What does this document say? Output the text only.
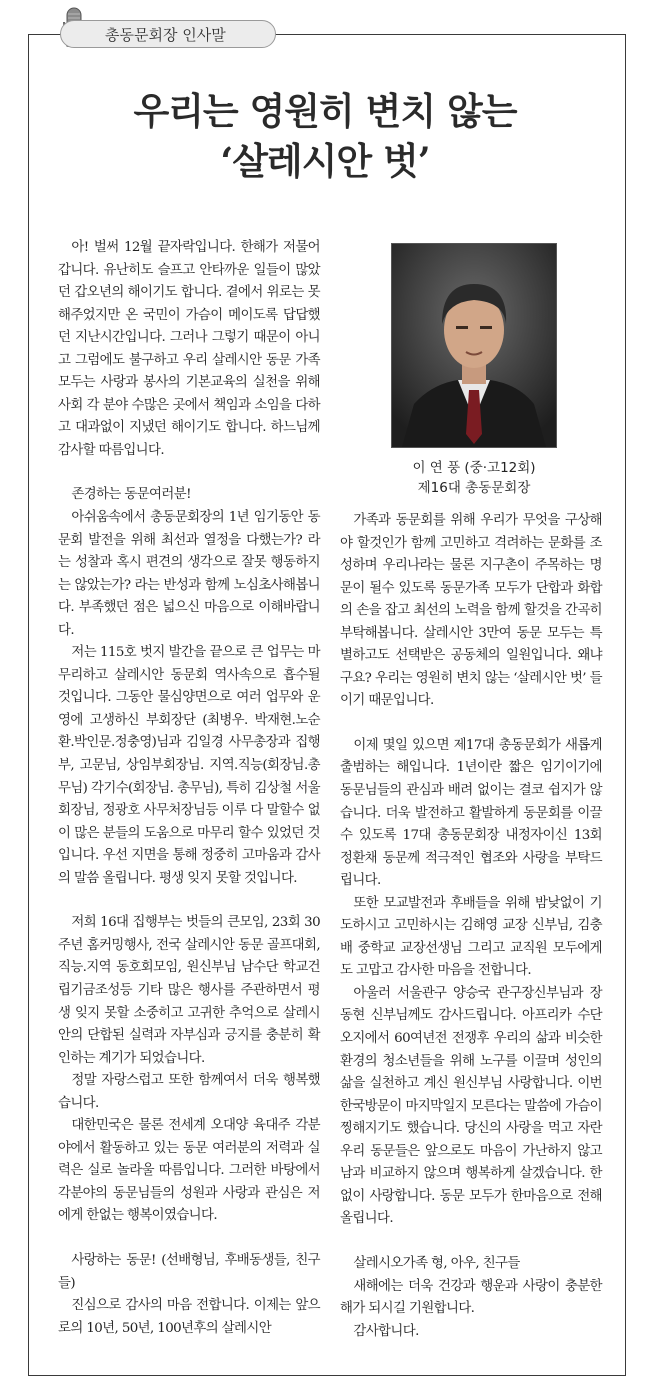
총동문회장 인사말
우리는 영원히 변치 않는
‘살레시안 벗’

아! 벌써 12월 끝자락입니다. 한해가 저물어 갑니다. 유난히도 슬프고 안타까운 일들이 많았던 갑오년의 해이기도 합니다. 곁에서 위로는 못해주었지만 온 국민이 가슴이 메이도록 답답했던 지난시간입니다. 그러나 그렇기 때문이 아니고 그럼에도 불구하고 우리 살레시안 동문 가족 모두는 사랑과 봉사의 기본교육의 실천을 위해 사회 각 분야 수많은 곳에서 책임과 소임을 다하고 대과없이 지냈던 해이기도 합니다. 하느님께 감사할 따름입니다.

존경하는 동문여러분!

아쉬움속에서 총동문회장의 1년 임기동안 동문회 발전을 위해 최선과 열정을 다했는가? 라는 성찰과 혹시 편견의 생각으로 잘못 행동하지는 않았는가? 라는 반성과 함께 노심초사해봅니다. 부족했던 점은 넓으신 마음으로 이해바랍니다.

저는 115호 벗지 발간을 끝으로 큰 업무는 마무리하고 살레시안 동문회 역사속으로 흡수될 것입니다. 그동안 물심양면으로 여러 업무와 운영에 고생하신 부회장단 (최병우. 박재현.노순환.박인문.정충영)님과 김일경 사무총장과 집행부, 고문님, 상임부회장님. 지역.직능(회장님.총무님) 각기수(회장님. 총무님), 특히 김상철 서울회장님, 정광호 사무처장님등 이루 다 말할수 없이 많은 분들의 도움으로 마무리 할수 있었던 것입니다. 우선 지면을 통해 정중히 고마움과 감사의 말씀 올립니다. 평생 잊지 못할 것입니다.

저희 16대 집행부는 벗들의 큰모임, 23회 30주년 홈커밍행사, 전국 살레시안 동문 골프대회, 직능.지역 동호회모임, 원신부님 남수단 학교건립기금조성등 기타 많은 행사를 주관하면서 평생 잊지 못할 소중히고 고귀한 추억으로 살레시안의 단합된 실력과 자부심과 긍지를 충분히 확인하는 계기가 되었습니다.

정말 자랑스럽고 또한 함께여서 더욱 행복했습니다.

대한민국은 물론 전세계 오대양 육대주 각분야에서 활동하고 있는 동문 여러분의 저력과 실력은 실로 놀라울 따름입니다. 그러한 바탕에서 각분야의 동문님들의 성원과 사랑과 관심은 저에게 한없는 행복이였습니다.

사랑하는 동문! (선배형님, 후배동생들, 친구들)

진심으로 감사의 마음 전합니다. 이제는 앞으로의 10년, 50년, 100년후의 살레시안

이 연 풍 (중·고12회)
제16대 총동문회장

가족과 동문회를 위해 우리가 무엇을 구상해야 할것인가 함께 고민하고 격려하는 문화를 조성하며 우리나라는 물론 지구촌이 주목하는 명문이 될수 있도록 동문가족 모두가 단합과 화합의 손을 잡고 최선의 노력을 함께 할것을 간곡히 부탁해봅니다. 살레시안 3만여 동문 모두는 특별하고도 선택받은 공동체의 일원입니다. 왜냐구요? 우리는 영원히 변치 않는 ‘살레시안 벗’ 들이기 때문입니다.

이제 몇일 있으면 제17대 총동문회가 새롭게 출범하는 해입니다. 1년이란 짧은 임기이기에 동문님들의 관심과 배려 없이는 결코 쉽지가 않습니다. 더욱 발전하고 활발하게 동문회를 이끌수 있도록 17대 총동문회장 내정자이신 13회 정환채 동문께 적극적인 협조와 사랑을 부탁드립니다.

또한 모교발전과 후배들을 위해 밤낮없이 기도하시고 고민하시는 김해영 교장 신부님, 김충배 중학교 교장선생님 그리고 교직원 모두에게도 고맙고 감사한 마음을 전합니다.

아울러 서울관구 양승국 관구장신부님과 장동현 신부님께도 감사드립니다. 아프리카 수단 오지에서 60여년전 전쟁후 우리의 삶과 비슷한 환경의 청소년들을 위해 노구를 이끌며 성인의 삶을 실천하고 계신 원신부님 사랑합니다. 이번 한국방문이 마지막일지 모른다는 말씀에 가슴이 찡해지기도 했습니다. 당신의 사랑을 먹고 자란 우리 동문들은 앞으로도 마음이 가난하지 않고 남과 비교하지 않으며 행복하게 살겠습니다. 한없이 사랑합니다. 동문 모두가 한마음으로 전해 올립니다.

살레시오가족 형, 아우, 친구들

새해에는 더욱 건강과 행운과 사랑이 충분한 해가 되시길 기원합니다.

감사합니다.
